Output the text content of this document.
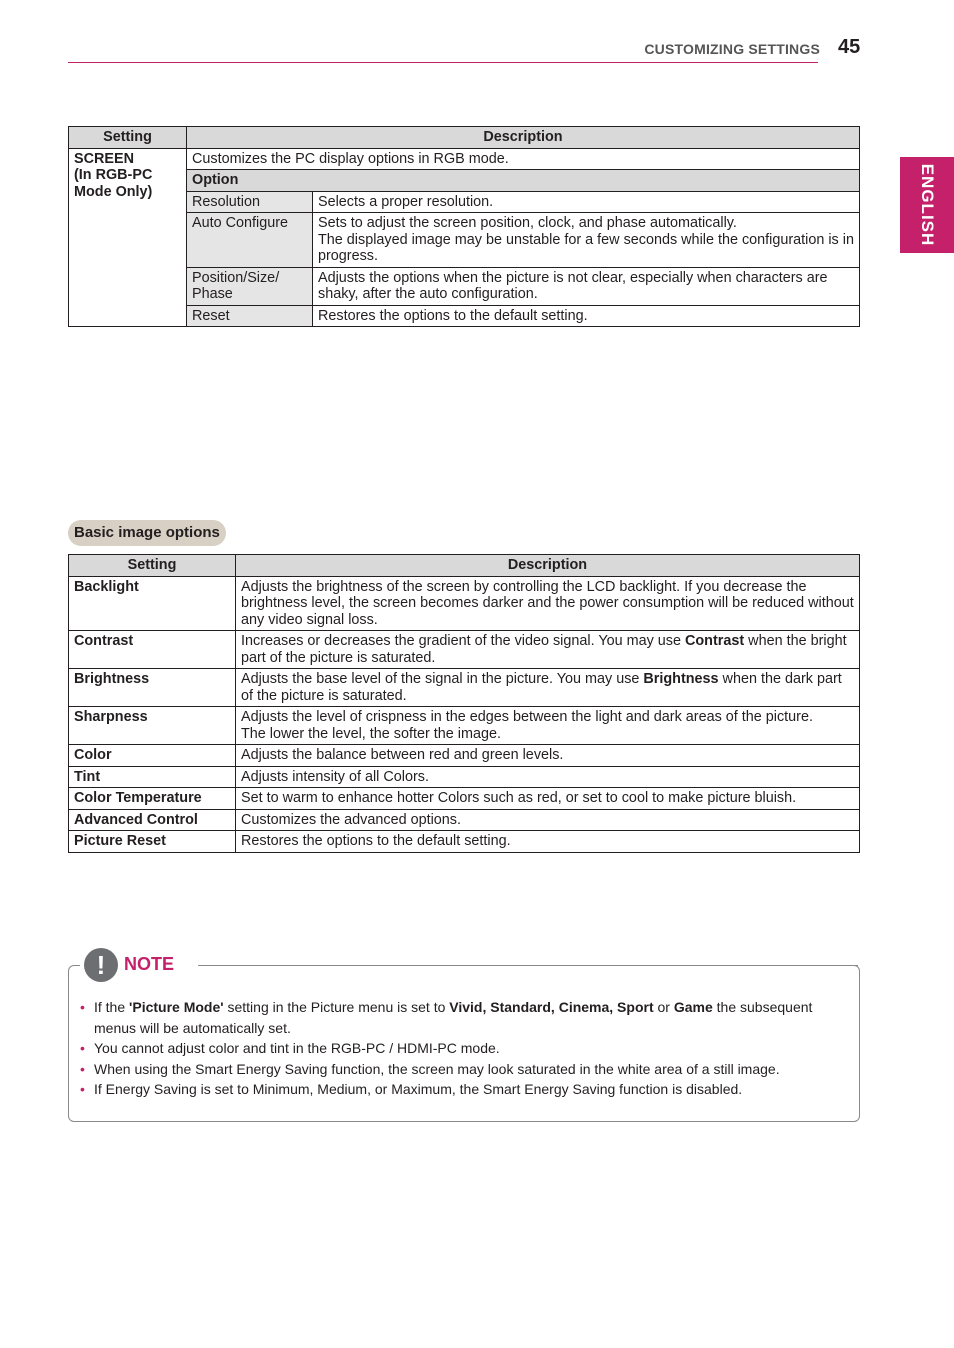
CUSTOMIZING SETTINGS 45
ENGLISH
Setting	Description	

SCREEN
(In RGB-PC
Mode Only)	Customizes the PC display options in RGB mode.	
	Option	
	Resolution	Selects a proper resolution.
	Auto Configure	Sets to adjust the screen position, clock, and phase automatically.
The displayed image may be unstable for a few seconds while the configuration is in progress.

	Position/Size/
Phase	Adjusts the options when the picture is not clear, especially when characters are shaky, after the auto configuration.
	Reset	Restores the options to the default setting.
Basic image options
Setting	Description
Backlight	Adjusts the brightness of the screen by controlling the LCD backlight. If you decrease the brightness level, the screen becomes darker and the power consumption will be reduced without any video signal loss.
Contrast	Increases or decreases the gradient of the video signal. You may use Contrast when the bright part of the picture is saturated.
Brightness	Adjusts the base level of the signal in the picture. You may use Brightness when the dark part of the picture is saturated.
Sharpness	Adjusts the level of crispness in the edges between the light and dark areas of the picture.
The lower the level, the softer the image.

Color	Adjusts the balance between red and green levels.
Tint	Adjusts intensity of all Colors.
Color Temperature	Set to warm to enhance hotter Colors such as red, or set to cool to make picture bluish.
Advanced Control	Customizes the advanced options.
Picture Reset	Restores the options to the default setting.
!	NOTE
• If the 'Picture Mode' setting in the Picture menu is set to Vivid, Standard, Cinema, Sport or Game the subsequent menus will be automatically set.
• You cannot adjust color and tint in the RGB-PC / HDMI-PC mode.
• When using the Smart Energy Saving function, the screen may look saturated in the white area of a still image.
• If Energy Saving is set to Minimum, Medium, or Maximum, the Smart Energy Saving function is disabled.
